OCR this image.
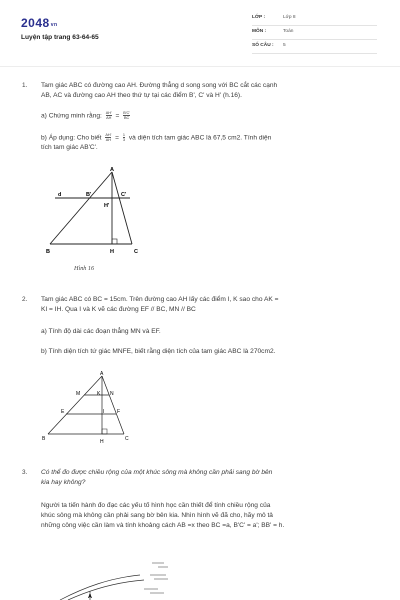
2048vn
Luyện tập trang 63-64-65
LỚP :	Lớp 8
MÔN :	Toán
SỐ CÂU : 5
1. Tam giác ABC có đường cao AH. Đường thẳng d song song với BC cắt các cạnh
AB, AC và đường cao AH theo thứ tự tại các điểm B', C' và H' (h.16).
a) Chứng minh rằng: $\frac{AH'}{AH} = \frac{B'C'}{BC}$
b) Áp dụng: Cho biết $\frac{AH'}{AH} = \frac{1}{3}$ và diện tích tam giác ABC là 67,5 cm2. Tính diện
tích tam giác AB'C'.
A
B	C
H
B'	C'
H'
d
Hình 16
2. Tam giác ABC có BC = 15cm. Trên đường cao AH lấy các điểm I, K sao cho AK =
KI = IH. Qua I và K vẽ các đường EF // BC, MN // BC
a) Tính độ dài các đoạn thẳng MN và EF.
b) Tính diện tích tứ giác MNFE, biết rằng diện tích của tam giác ABC là 270cm2.
A
M	K N
E	I	F
B	H	C
3. Có thể đo được chiều rộng của một khúc sông mà không cần phải sang bờ bên
kia hay không?
Người ta tiến hành đo đạc các yếu tố hình học cần thiết để tính chiều rộng của
khúc sông mà không cần phải sang bờ bên kia. Nhìn hình vẽ đã cho, hãy mô tả
những công việc cần làm và tính khoảng cách AB =x theo BC =a, B'C' = a'; BB' = h.
A
